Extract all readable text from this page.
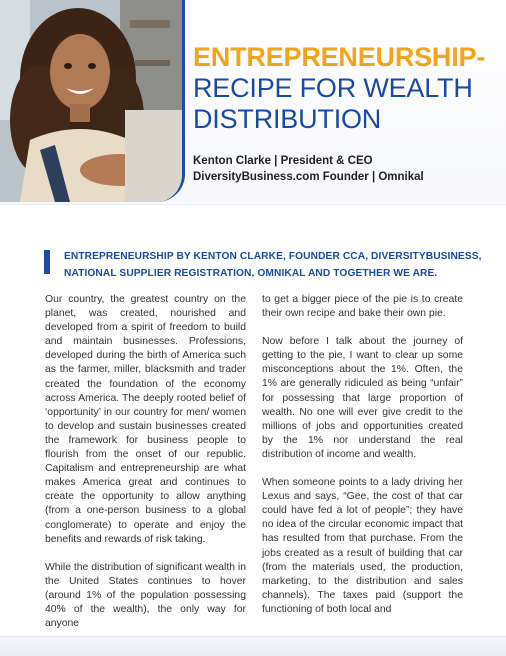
ENTREPRENEURSHIP-
RECIPE FOR WEALTH
DISTRIBUTION
Kenton Clarke | President & CEO
DiversityBusiness.com Founder | Omnikal
ENTREPRENEURSHIP BY KENTON CLARKE, FOUNDER CCA, DIVERSITYBUSINESS, NATIONAL SUPPLIER REGISTRATION, OMNIKAL AND TOGETHER WE ARE.

Our country, the greatest country on the planet, was created, nourished and developed from a spirit of freedom to build and maintain businesses. Professions, developed during the birth of America such as the farmer, miller, blacksmith and trader created the foundation of the economy across America. The deeply rooted belief of ‘opportunity’ in our country for men/ women to develop and sustain businesses created the framework for business people to flourish from the onset of our republic. Capitalism and entrepreneurship are what makes America great and continues to create the opportunity to allow anything (from a one-person business to a global conglomerate) to operate and enjoy the benefits and rewards of risk taking.

While the distribution of significant wealth in the United States continues to hover (around 1% of the population possessing 40% of the wealth), the only way for anyone

to get a bigger piece of the pie is to create their own recipe and bake their own pie.

Now before I talk about the journey of getting to the pie, I want to clear up some misconceptions about the 1%. Often, the 1% are generally ridiculed as being “unfair” for possessing that large proportion of wealth. No one will ever give credit to the millions of jobs and opportunities created by the 1% nor understand the real distribution of income and wealth.

When someone points to a lady driving her Lexus and says, “Gee, the cost of that car could have fed a lot of people”; they have no idea of the circular economic impact that has resulted from that purchase. From the jobs created as a result of building that car (from the materials used, the production, marketing, to the distribution and sales channels). The taxes paid (support the functioning of both local and
